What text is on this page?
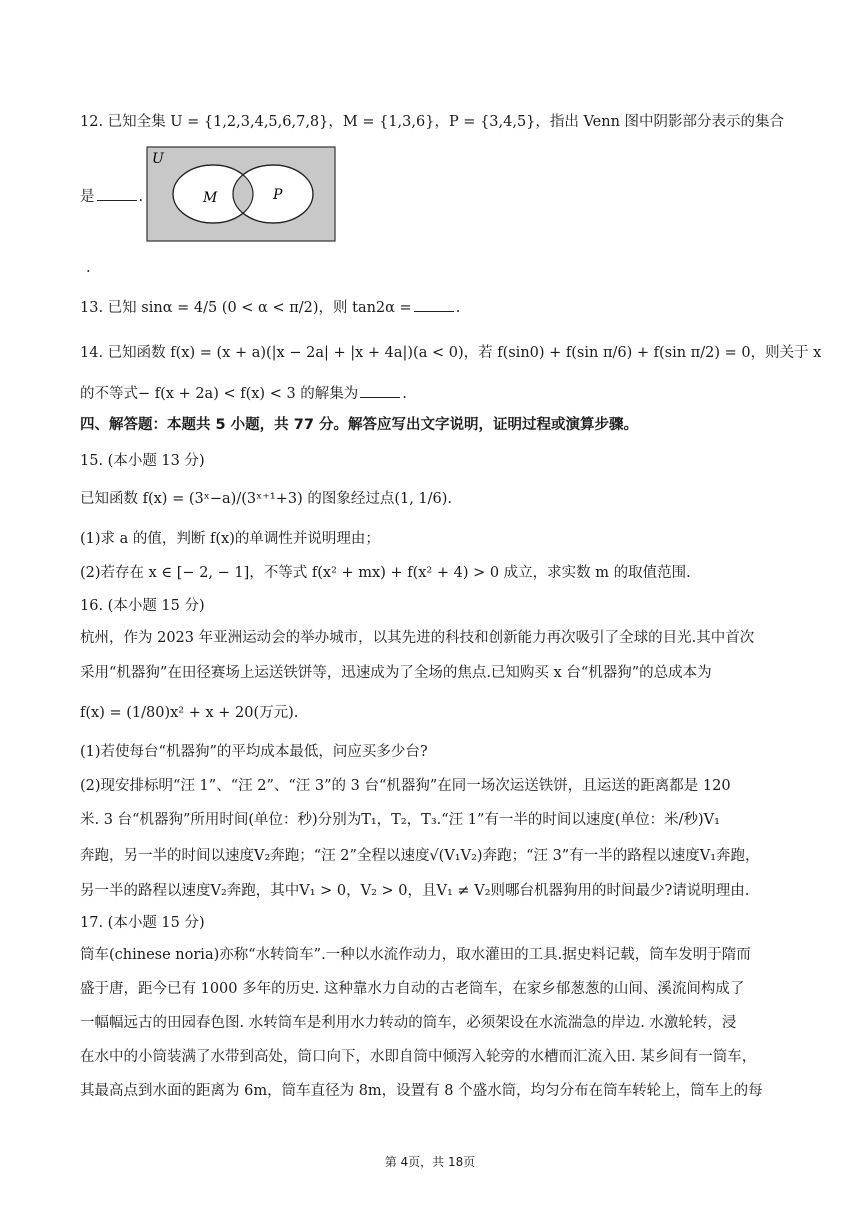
12. 已知全集 U = {1,2,3,4,5,6,7,8}，M = {1,3,6}，P = {3,4,5}，指出 Venn 图中阴影部分表示的集合
U
M	P
是	.
.
13. 已知 sinα = 4/5 (0 < α < π/2)，则 tan2α =	.
14. 已知函数 f(x) = (x + a)(|x − 2a| + |x + 4a|)(a < 0)，若 f(sin0) + f(sin π/6) + f(sin π/2) = 0，则关于 x
的不等式− f(x + 2a) < f(x) < 3 的解集为	.
四、解答题：本题共 5 小题，共 77 分。解答应写出文字说明，证明过程或演算步骤。
15. (本小题 13 分)
已知函数 f(x) = (3ˣ−a)/(3ˣ⁺¹+3) 的图象经过点(1, 1/6).
(1)求 a 的值，判断 f(x)的单调性并说明理由；
(2)若存在 x ∈ [− 2, − 1]，不等式 f(x² + mx) + f(x² + 4) > 0 成立，求实数 m 的取值范围.
16. (本小题 15 分)
杭州，作为 2023 年亚洲运动会的举办城市，以其先进的科技和创新能力再次吸引了全球的目光.其中首次
采用“机器狗”在田径赛场上运送铁饼等，迅速成为了全场的焦点.已知购买 x 台“机器狗”的总成本为
f(x) = (1/80)x² + x + 20(万元).
(1)若使每台“机器狗”的平均成本最低，问应买多少台?
(2)现安排标明“汪 1”、“汪 2”、“汪 3”的 3 台“机器狗”在同一场次运送铁饼，且运送的距离都是 120
米. 3 台“机器狗”所用时间(单位：秒)分别为T₁，T₂，T₃.“汪 1”有一半的时间以速度(单位：米/秒)V₁
奔跑，另一半的时间以速度V₂奔跑；“汪 2”全程以速度√(V₁V₂)奔跑；“汪 3”有一半的路程以速度V₁奔跑，
另一半的路程以速度V₂奔跑，其中V₁ > 0，V₂ > 0，且V₁ ≠ V₂则哪台机器狗用的时间最少?请说明理由.
17. (本小题 15 分)
筒车(chinese noria)亦称“水转筒车”.一种以水流作动力，取水灌田的工具.据史料记载，筒车发明于隋而
盛于唐，距今已有 1000 多年的历史. 这种靠水力自动的古老筒车，在家乡郁葱葱的山间、溪流间构成了
一幅幅远古的田园春色图. 水转筒车是利用水力转动的筒车，必须架设在水流湍急的岸边. 水激轮转，浸
在水中的小筒装满了水带到高处，筒口向下，水即自筒中倾泻入轮旁的水槽而汇流入田. 某乡间有一筒车，
其最高点到水面的距离为 6m，筒车直径为 8m，设置有 8 个盛水筒，均匀分布在筒车转轮上，筒车上的每
第 4页，共 18页
